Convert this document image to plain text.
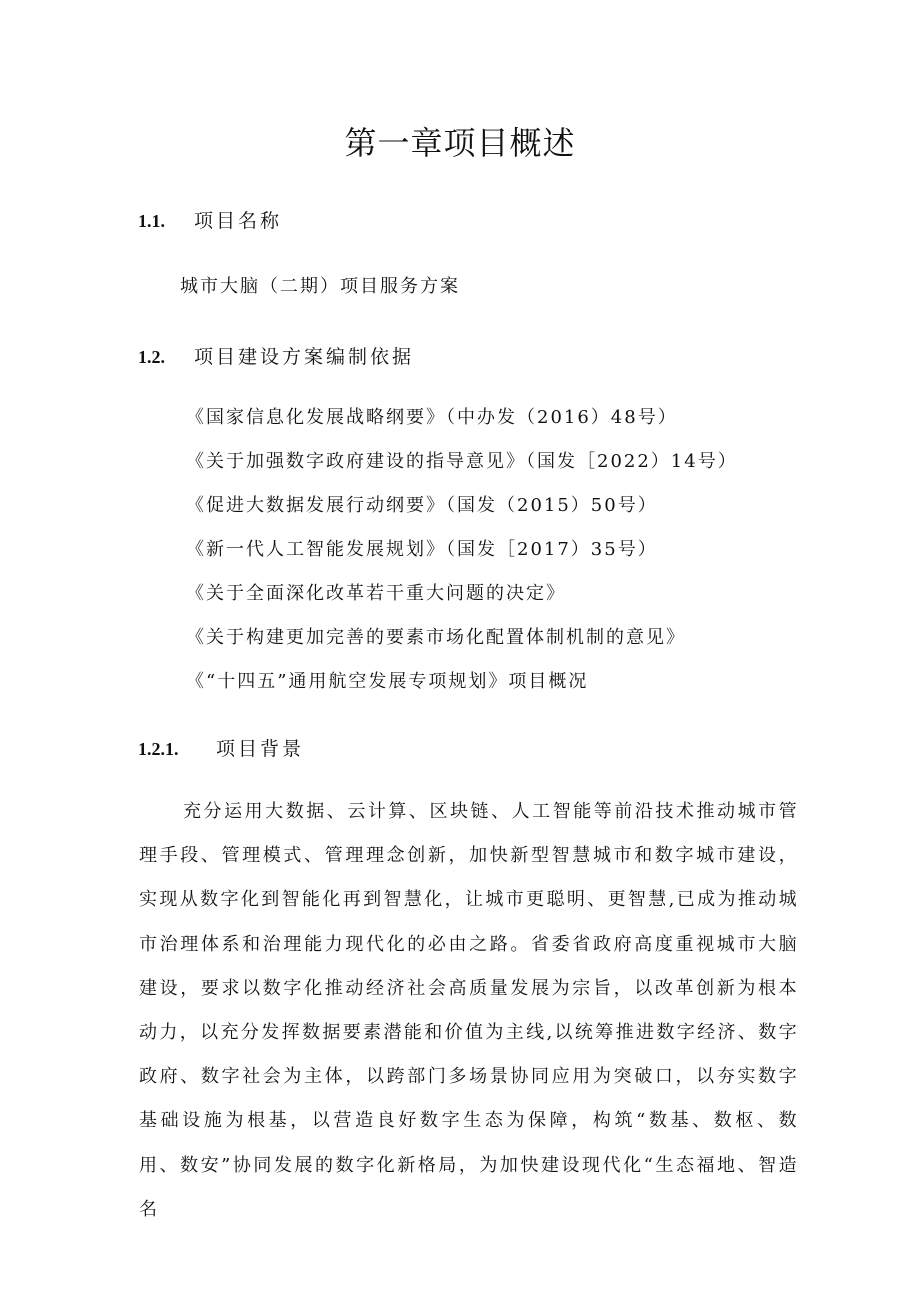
第一章项目概述
1.1. 项目名称

城市大脑（二期）项目服务方案

1.2. 项目建设方案编制依据
《国家信息化发展战略纲要》（中办发（2016）48号）
《关于加强数字政府建设的指导意见》（国发［2022）14号）
《促进大数据发展行动纲要》（国发（2015）50号）
《新一代人工智能发展规划》（国发［2017）35号）
《关于全面深化改革若干重大问题的决定》
《关于构建更加完善的要素市场化配置体制机制的意见》
《“十四五”通用航空发展专项规划》项目概况
1.2.1. 项目背景

充分运用大数据、云计算、区块链、人工智能等前沿技术推动城市管理手段、管理模式、管理理念创新，加快新型智慧城市和数字城市建设，实现从数字化到智能化再到智慧化，让城市更聪明、更智慧,已成为推动城市治理体系和治理能力现代化的必由之路。省委省政府高度重视城市大脑建设，要求以数字化推动经济社会高质量发展为宗旨，以改革创新为根本动力，以充分发挥数据要素潜能和价值为主线,以统筹推进数字经济、数字政府、数字社会为主体，以跨部门多场景协同应用为突破口，以夯实数字基础设施为根基，以营造良好数字生态为保障，构筑“数基、数枢、数用、数安”协同发展的数字化新格局，为加快建设现代化“生态福地、智造名
